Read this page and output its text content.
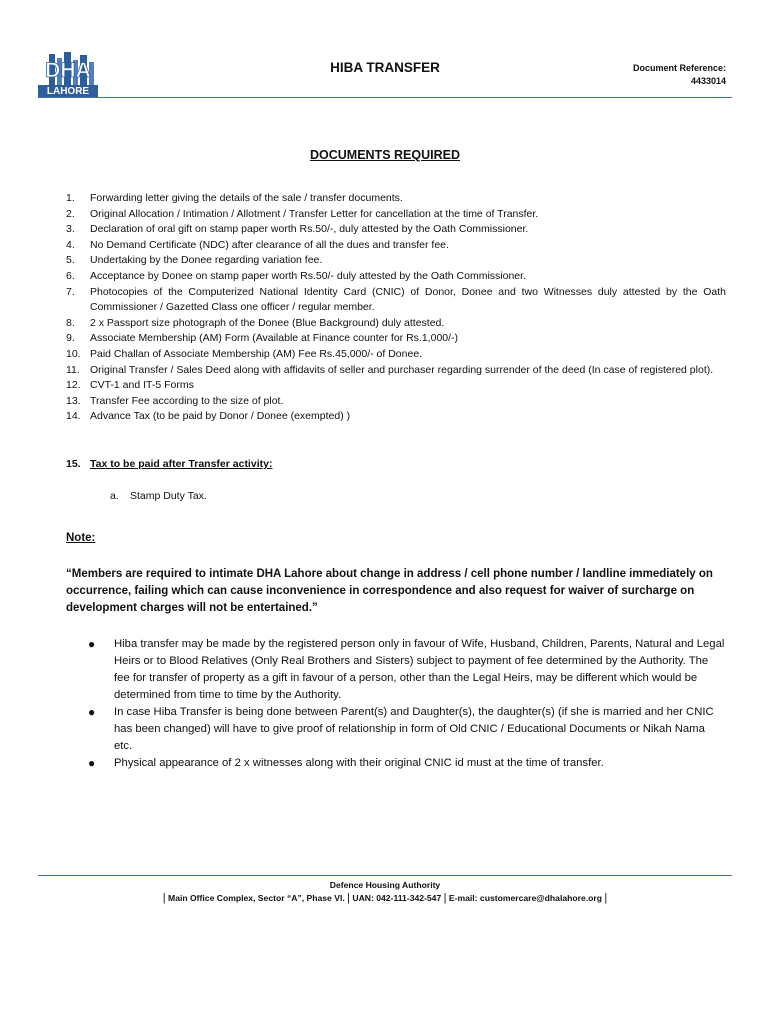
DHA
LAHORE
HIBA TRANSFER	Document Reference:
4433014
DOCUMENTS REQUIRED
1.	Forwarding letter giving the details of the sale / transfer documents.
2.	Original Allocation / Intimation / Allotment / Transfer Letter for cancellation at the time of Transfer.
3.	Declaration of oral gift on stamp paper worth Rs.50/-, duly attested by the Oath Commissioner.
4.	No Demand Certificate (NDC) after clearance of all the dues and transfer fee.
5.	Undertaking by the Donee regarding variation fee.
6.	Acceptance by Donee on stamp paper worth Rs.50/- duly attested by the Oath Commissioner.
7.	Photocopies of the Computerized National Identity Card (CNIC) of Donor, Donee and two Witnesses duly attested by the Oath Commissioner / Gazetted Class one officer / regular member.
8.	2 x Passport size photograph of the Donee (Blue Background) duly attested.
9.	Associate Membership (AM) Form (Available at Finance counter for Rs.1,000/-)
10. Paid Challan of Associate Membership (AM) Fee Rs.45,000/- of Donee.
11. Original Transfer / Sales Deed along with affidavits of seller and purchaser regarding surrender of the deed (In case of registered plot).
12. CVT-1 and IT-5 Forms
13. Transfer Fee according to the size of plot.
14. Advance Tax (to be paid by Donor / Donee (exempted) )
15. Tax to be paid after Transfer activity:
a.	Stamp Duty Tax.
Note:
“Members are required to intimate DHA Lahore about change in address / cell phone number / landline immediately on occurrence, failing which can cause inconvenience in correspondence and also request for waiver of surcharge on development charges will not be entertained.”
●	Hiba transfer may be made by the registered person only in favour of Wife, Husband, Children, Parents, Natural and Legal Heirs or to Blood Relatives (Only Real Brothers and Sisters) subject to payment of fee determined by the Authority. The fee for transfer of property as a gift in favour of a person, other than the Legal Heirs, may be different which would be determined from time to time by the Authority.
●	In case Hiba Transfer is being done between Parent(s) and Daughter(s), the daughter(s) (if she is married and her CNIC has been changed) will have to give proof of relationship in form of Old CNIC / Educational Documents or Nikah Nama etc.
●	Physical appearance of 2 x witnesses along with their original CNIC id must at the time of transfer.
Defence Housing Authority
| Main Office Complex, Sector “A”, Phase VI. | UAN: 042-111-342-547 | E-mail: customercare@dhalahore.org |
